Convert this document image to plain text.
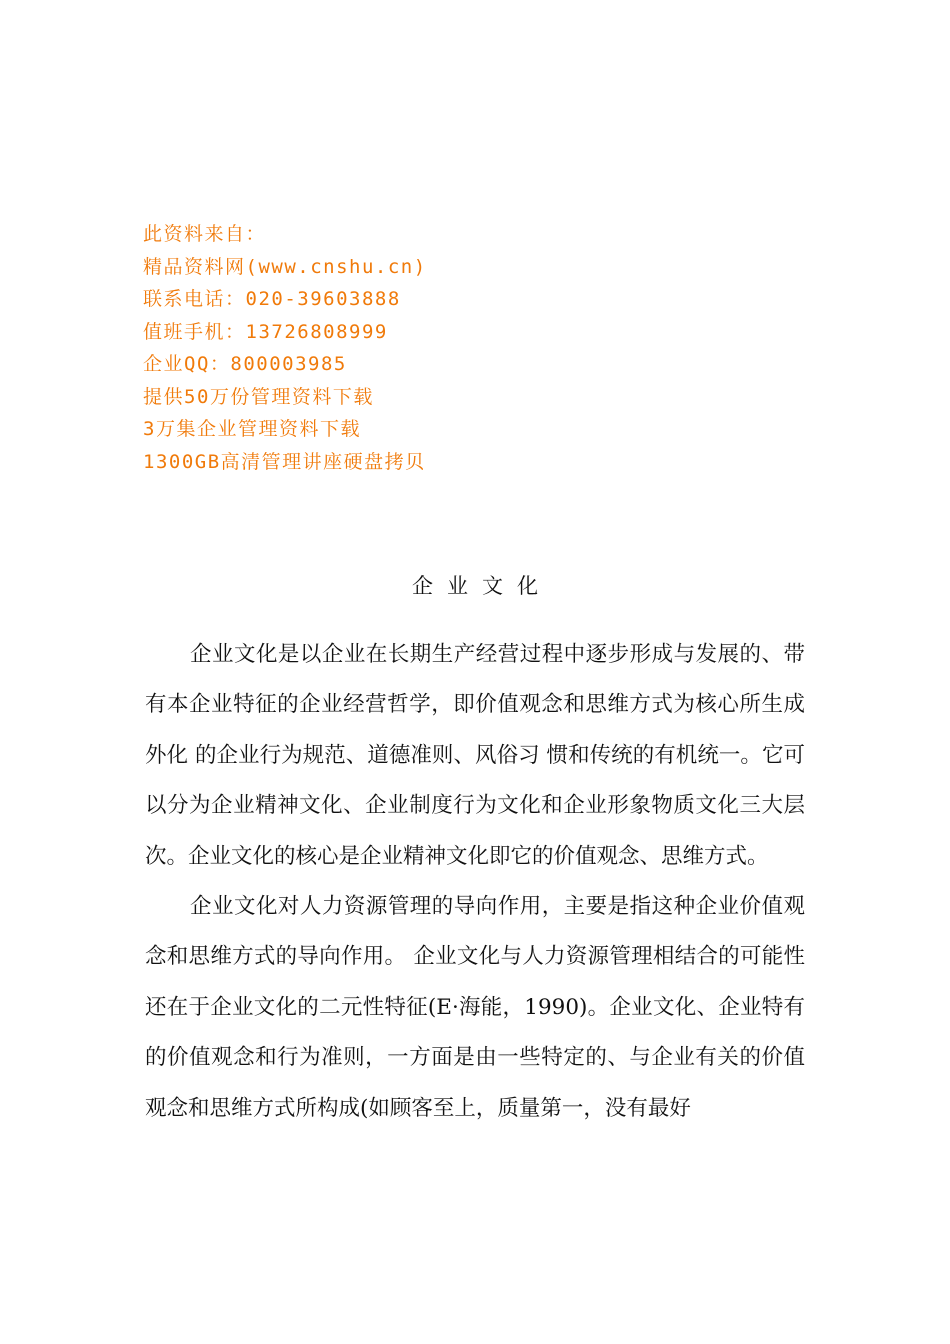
此资料来自：
精品资料网(www.cnshu.cn)
联系电话：020-39603888
值班手机：13726808999
企业QQ：800003985
提供50万份管理资料下载
3万集企业管理资料下载
1300GB高清管理讲座硬盘拷贝
企业文化

企业文化是以企业在长期生产经营过程中逐步形成与发展的、带有本企业特征的企业经营哲学，即价值观念和思维方式为核心所生成外化 的企业行为规范、道德准则、风俗习 惯和传统的有机统一。它可以分为企业精神文化、企业制度行为文化和企业形象物质文化三大层次。企业文化的核心是企业精神文化即它的价值观念、思维方式。

企业文化对人力资源管理的导向作用，主要是指这种企业价值观念和思维方式的导向作用。 企业文化与人力资源管理相结合的可能性还在于企业文化的二元性特征(E·海能，1990)。企业文化、企业特有的价值观念和行为准则，一方面是由一些特定的、与企业有关的价值观念和思维方式所构成(如顾客至上，质量第一，没有最好
